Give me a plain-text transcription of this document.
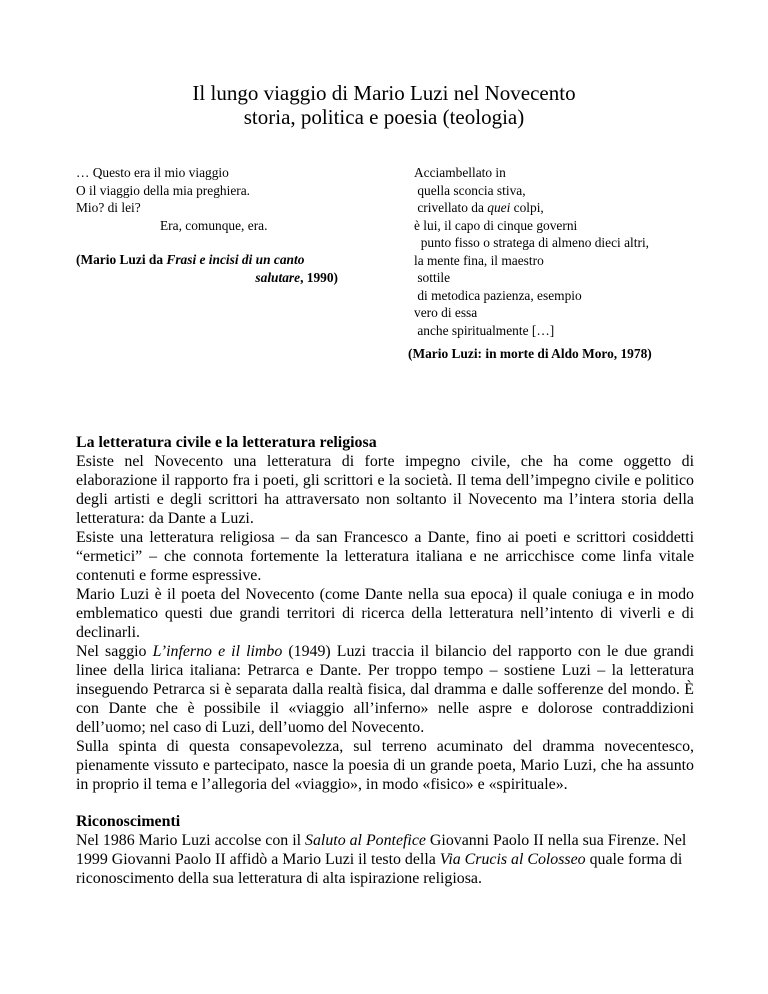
Il lungo viaggio di Mario Luzi nel Novecento
storia, politica e poesia (teologia)
… Questo era il mio viaggio
O il viaggio della mia preghiera.
Mio? di lei?
Era, comunque, era.
(Mario Luzi da Frasi e incisi di un canto
salutare, 1990)
Acciambellato in
quella sconcia stiva,
crivellato da quei colpi,
è lui, il capo di cinque governi
punto fisso o stratega di almeno dieci altri,
la mente fina, il maestro
sottile
di metodica pazienza, esempio
vero di essa
anche spiritualmente […]
(Mario Luzi: in morte di Aldo Moro, 1978)
La letteratura civile e la letteratura religiosa

Esiste nel Novecento una letteratura di forte impegno civile, che ha come oggetto di elaborazione il rapporto fra i poeti, gli scrittori e la società. Il tema dell’impegno civile e politico degli artisti e degli scrittori ha attraversato non soltanto il Novecento ma l’intera storia della letteratura: da Dante a Luzi.

Esiste una letteratura religiosa – da san Francesco a Dante, fino ai poeti e scrittori cosiddetti “ermetici” – che connota fortemente la letteratura italiana e ne arricchisce come linfa vitale contenuti e forme espressive.

Mario Luzi è il poeta del Novecento (come Dante nella sua epoca) il quale coniuga e in modo emblematico questi due grandi territori di ricerca della letteratura nell’intento di viverli e di declinarli.

Nel saggio L’inferno e il limbo (1949) Luzi traccia il bilancio del rapporto con le due grandi linee della lirica italiana: Petrarca e Dante. Per troppo tempo – sostiene Luzi – la letteratura inseguendo Petrarca si è separata dalla realtà fisica, dal dramma e dalle sofferenze del mondo. È con Dante che è possibile il «viaggio all’inferno» nelle aspre e dolorose contraddizioni dell’uomo; nel caso di Luzi, dell’uomo del Novecento.

Sulla spinta di questa consapevolezza, sul terreno acuminato del dramma novecentesco, pienamente vissuto e partecipato, nasce la poesia di un grande poeta, Mario Luzi, che ha assunto in proprio il tema e l’allegoria del «viaggio», in modo «fisico» e «spirituale».

Riconoscimenti

Nel 1986 Mario Luzi accolse con il Saluto al Pontefice Giovanni Paolo II nella sua Firenze. Nel 1999 Giovanni Paolo II affidò a Mario Luzi il testo della Via Crucis al Colosseo quale forma di riconoscimento della sua letteratura di alta ispirazione religiosa.
